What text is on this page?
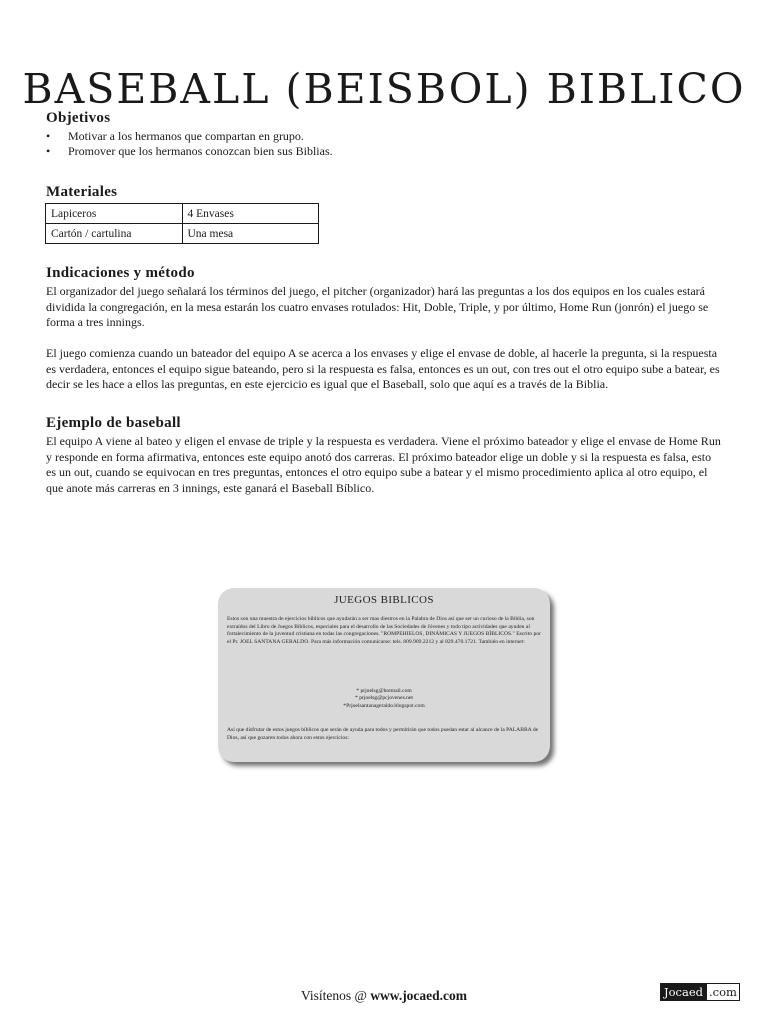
BASEBALL (BEISBOL) BIBLICO
Objetivos
• Motivar a los hermanos que compartan en grupo.
• Promover que los hermanos conozcan bien sus Biblias.
Materiales
Lapiceros	4 Envases
Cartón / cartulina	Una mesa
Indicaciones y método

El organizador del juego señalará los términos del juego, el pitcher (organizador) hará las preguntas a los dos equipos en los cuales estará dividida la congregación, en la mesa estarán los cuatro envases rotulados: Hit, Doble, Triple, y por último, Home Run (jonrón) el juego se forma a tres innings.

El juego comienza cuando un bateador del equipo A se acerca a los envases y elige el envase de doble, al hacerle la pregunta, si la respuesta es verdadera, entonces el equipo sigue bateando, pero si la respuesta es falsa, entonces es un out, con tres out el otro equipo sube a batear, es decir se les hace a ellos las preguntas, en este ejercicio es igual que el Baseball, solo que aquí es a través de la Biblia.

Ejemplo de baseball

El equipo A viene al bateo y eligen el envase de triple y la respuesta es verdadera. Viene el próximo bateador y elige el envase de Home Run y responde en forma afirmativa, entonces este equipo anotó dos carreras. El próximo bateador elige un doble y si la respuesta es falsa, esto es un out, cuando se equivocan en tres preguntas, entonces el otro equipo sube a batear y el mismo procedimiento aplica al otro equipo, el que anote más carreras en 3 innings, este ganará el Baseball Bíblico.

JUEGOS BIBLICOS
Estos son una muestra de ejercicios bíblicos que ayudarán a ser mas diestros en la Palabra de Dios así que ser un curioso de la Biblia, son extraídos del Libro de Juegos Bíblicos, especiales para el desarrollo de las Sociedades de Jóvenes y todo tipo actividades que ayuden al fortalecimiento de la juventud cristiana en todas las congregaciones. "ROMPEHIELOS, DINÁMICAS Y JUEGOS BÍBLICOS." Escrito por el Pr. JOEL SANTANA GERALDO. Para más información comunicarse: tels. 809.909.2212 y al 829.470.1721. También en internet:
* prjoelsg@hotmail.com
* prjoelsg@pcjovenes.net
*Prjoelsantanageraldo.blogspot.com
Así que disfrutar de estos juegos bíblicos que serán de ayuda para todos y permitirán que todos puedan estar al alcance de la PALABRA de Dios, así que gozaren todos ahora con estos ejercicios:
Visítenos @ www.jocaed.com	Jocaed .com
